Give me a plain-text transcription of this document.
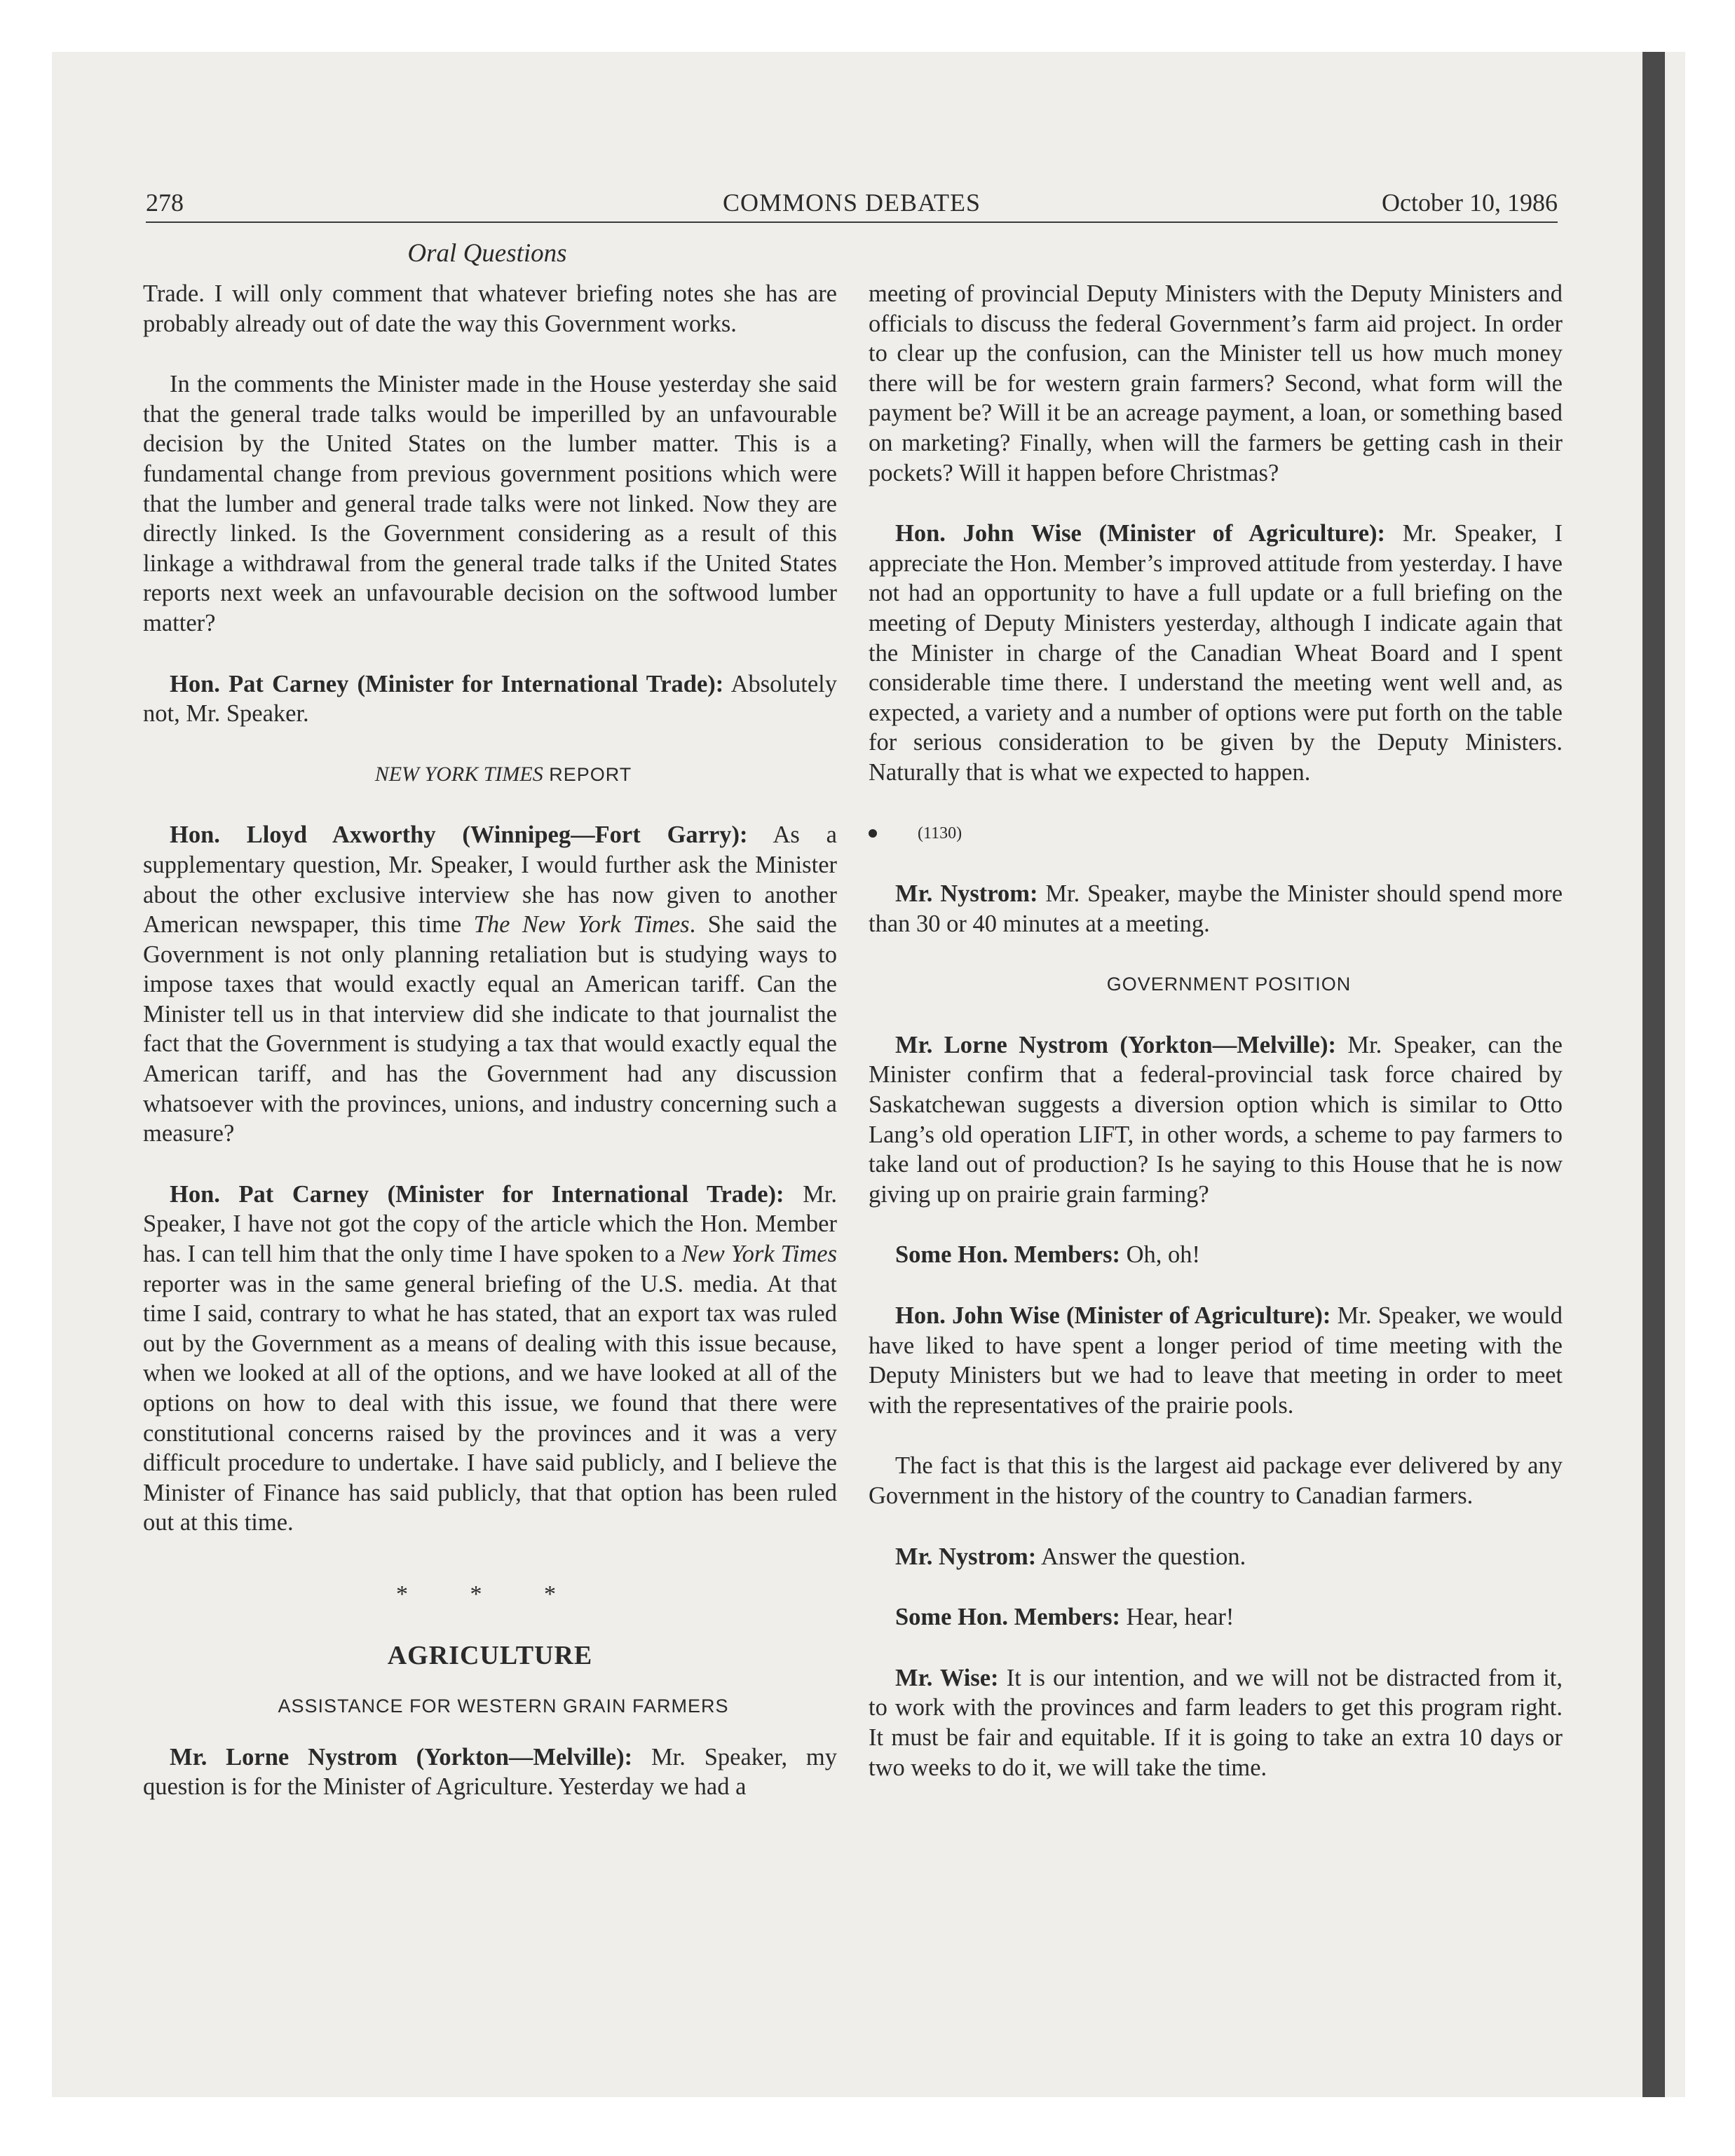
278	COMMONS DEBATES	October 10, 1986
Oral Questions

Trade. I will only comment that whatever briefing notes she has are probably already out of date the way this Government works.

In the comments the Minister made in the House yesterday she said that the general trade talks would be imperilled by an unfavourable decision by the United States on the lumber matter. This is a fundamental change from previous government positions which were that the lumber and general trade talks were not linked. Now they are directly linked. Is the Government considering as a result of this linkage a withdrawal from the general trade talks if the United States reports next week an unfavourable decision on the softwood lumber matter?

Hon. Pat Carney (Minister for International Trade): Absolutely not, Mr. Speaker.

NEW YORK TIMES REPORT

Hon. Lloyd Axworthy (Winnipeg—Fort Garry): As a supplementary question, Mr. Speaker, I would further ask the Minister about the other exclusive interview she has now given to another American newspaper, this time The New York Times. She said the Government is not only planning retaliation but is studying ways to impose taxes that would exactly equal an American tariff. Can the Minister tell us in that interview did she indicate to that journalist the fact that the Government is studying a tax that would exactly equal the American tariff, and has the Government had any discussion whatsoever with the provinces, unions, and industry concerning such a measure?

Hon. Pat Carney (Minister for International Trade): Mr. Speaker, I have not got the copy of the article which the Hon. Member has. I can tell him that the only time I have spoken to a New York Times reporter was in the same general briefing of the U.S. media. At that time I said, contrary to what he has stated, that an export tax was ruled out by the Government as a means of dealing with this issue because, when we looked at all of the options, and we have looked at all of the options on how to deal with this issue, we found that there were constitutional concerns raised by the provinces and it was a very difficult procedure to undertake. I have said publicly, and I believe the Minister of Finance has said publicly, that that option has been ruled out at this time.

* * *
AGRICULTURE

ASSISTANCE FOR WESTERN GRAIN FARMERS

Mr. Lorne Nystrom (Yorkton—Melville): Mr. Speaker, my question is for the Minister of Agriculture. Yesterday we had a

meeting of provincial Deputy Ministers with the Deputy Ministers and officials to discuss the federal Government’s farm aid project. In order to clear up the confusion, can the Minister tell us how much money there will be for western grain farmers? Second, what form will the payment be? Will it be an acreage payment, a loan, or something based on marketing? Finally, when will the farmers be getting cash in their pockets? Will it happen before Christmas?

Hon. John Wise (Minister of Agriculture): Mr. Speaker, I appreciate the Hon. Member’s improved attitude from yesterday. I have not had an opportunity to have a full update or a full briefing on the meeting of Deputy Ministers yesterday, although I indicate again that the Minister in charge of the Canadian Wheat Board and I spent considerable time there. I understand the meeting went well and, as expected, a variety and a number of options were put forth on the table for serious consideration to be given by the Deputy Ministers. Naturally that is what we expected to happen.

(1130)

Mr. Nystrom: Mr. Speaker, maybe the Minister should spend more than 30 or 40 minutes at a meeting.

GOVERNMENT POSITION

Mr. Lorne Nystrom (Yorkton—Melville): Mr. Speaker, can the Minister confirm that a federal-provincial task force chaired by Saskatchewan suggests a diversion option which is similar to Otto Lang’s old operation LIFT, in other words, a scheme to pay farmers to take land out of production? Is he saying to this House that he is now giving up on prairie grain farming?

Some Hon. Members: Oh, oh!

Hon. John Wise (Minister of Agriculture): Mr. Speaker, we would have liked to have spent a longer period of time meeting with the Deputy Ministers but we had to leave that meeting in order to meet with the representatives of the prairie pools.

The fact is that this is the largest aid package ever delivered by any Government in the history of the country to Canadian farmers.

Mr. Nystrom: Answer the question.

Some Hon. Members: Hear, hear!

Mr. Wise: It is our intention, and we will not be distracted from it, to work with the provinces and farm leaders to get this program right. It must be fair and equitable. If it is going to take an extra 10 days or two weeks to do it, we will take the time.
